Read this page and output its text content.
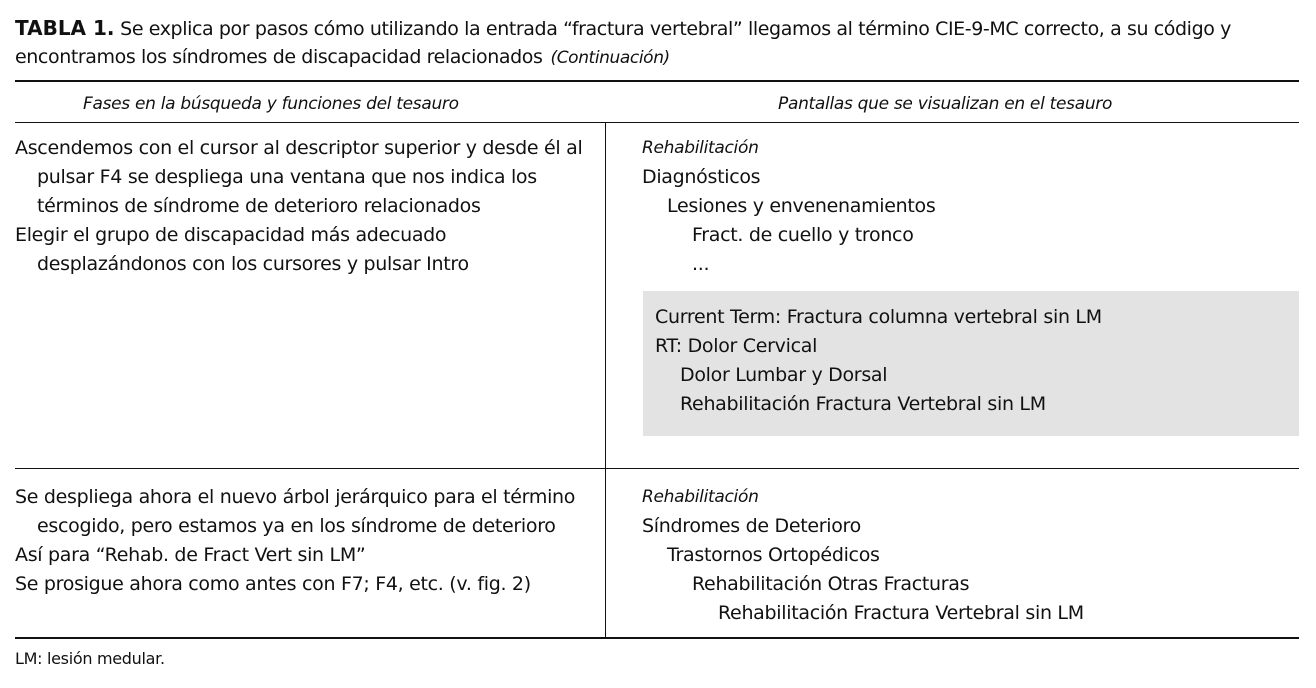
TABLA 1. Se explica por pasos cómo utilizando la entrada “fractura vertebral” llegamos al término CIE-9-MC correcto, a su código y encontramos los síndromes de discapacidad relacionados (Continuación)
Fases en la búsqueda y funciones del tesauro	Pantallas que se visualizan en el tesauro
Ascendemos con el cursor al descriptor superior y desde él al pulsar F4 se despliega una ventana que nos indica los términos de síndrome de deterioro relacionados
Elegir el grupo de discapacidad más adecuado desplazándonos con los cursores y pulsar Intro
Rehabilitación
Diagnósticos
Lesiones y envenenamientos
Fract. de cuello y tronco
...
Current Term: Fractura columna vertebral sin LM
RT: Dolor Cervical
Dolor Lumbar y Dorsal
Rehabilitación Fractura Vertebral sin LM
Se despliega ahora el nuevo árbol jerárquico para el término escogido, pero estamos ya en los síndrome de deterioro
Así para “Rehab. de Fract Vert sin LM”
Se prosigue ahora como antes con F7; F4, etc. (v. fig. 2)
Rehabilitación
Síndromes de Deterioro
Trastornos Ortopédicos
Rehabilitación Otras Fracturas
Rehabilitación Fractura Vertebral sin LM
LM: lesión medular.
